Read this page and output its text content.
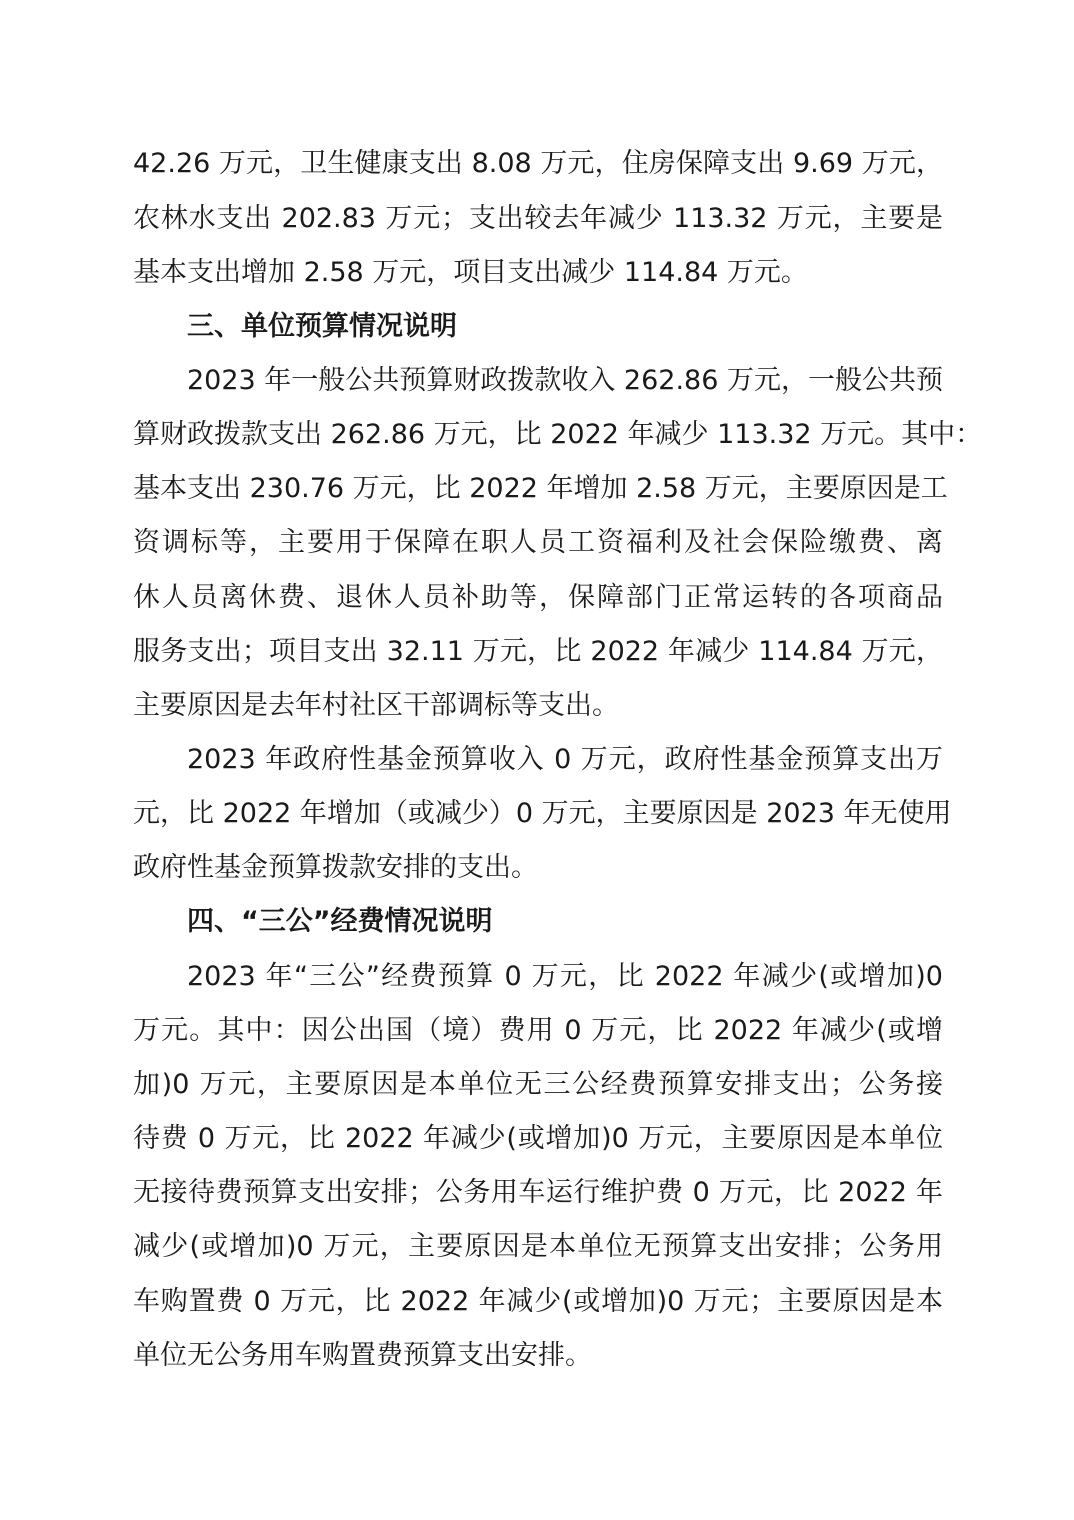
42.26 万元，卫生健康支出 8.08 万元，住房保障支出 9.69 万元，
农林水支出 202.83 万元；支出较去年减少 113.32 万元，主要是
基本支出增加 2.58 万元，项目支出减少 114.84 万元。
三、单位预算情况说明
2023 年一般公共预算财政拨款收入 262.86 万元，一般公共预
算财政拨款支出 262.86 万元，比 2022 年减少 113.32 万元。其中：
基本支出 230.76 万元，比 2022 年增加 2.58 万元，主要原因是工
资调标等，主要用于保障在职人员工资福利及社会保险缴费、离
休人员离休费、退休人员补助等，保障部门正常运转的各项商品
服务支出；项目支出 32.11 万元，比 2022 年减少 114.84 万元，
主要原因是去年村社区干部调标等支出。
2023 年政府性基金预算收入 0 万元，政府性基金预算支出万
元，比 2022 年增加（或减少）0 万元，主要原因是 2023 年无使用
政府性基金预算拨款安排的支出。
四、“三公”经费情况说明
2023 年“三公”经费预算 0 万元，比 2022 年减少(或增加)0
万元。其中：因公出国（境）费用 0 万元，比 2022 年减少(或增
加)0 万元，主要原因是本单位无三公经费预算安排支出；公务接
待费 0 万元，比 2022 年减少(或增加)0 万元，主要原因是本单位
无接待费预算支出安排；公务用车运行维护费 0 万元，比 2022 年
减少(或增加)0 万元，主要原因是本单位无预算支出安排；公务用
车购置费 0 万元，比 2022 年减少(或增加)0 万元；主要原因是本
单位无公务用车购置费预算支出安排。
